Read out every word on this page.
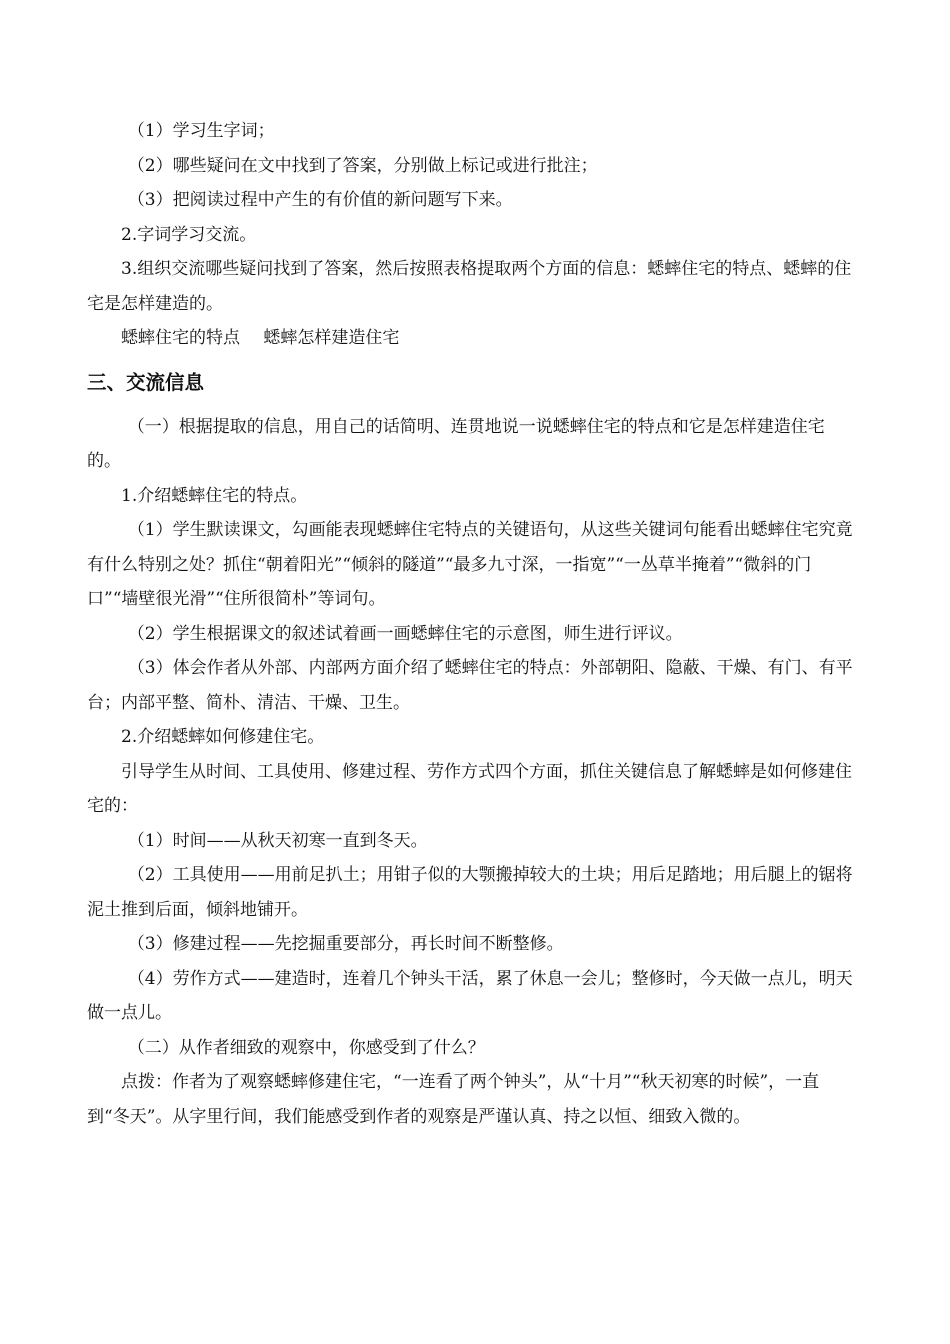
（1）学习生字词；

（2）哪些疑问在文中找到了答案，分别做上标记或进行批注；

（3）把阅读过程中产生的有价值的新问题写下来。

2.字词学习交流。

3.组织交流哪些疑问找到了答案，然后按照表格提取两个方面的信息：蟋蟀住宅的特点、蟋蟀的住宅是怎样建造的。

蟋蟀住宅的特点 蟋蟀怎样建造住宅
三、交流信息

（一）根据提取的信息，用自己的话简明、连贯地说一说蟋蟀住宅的特点和它是怎样建造住宅的。

1.介绍蟋蟀住宅的特点。

（1）学生默读课文，勾画能表现蟋蟀住宅特点的关键语句，从这些关键词句能看出蟋蟀住宅究竟有什么特别之处？抓住“朝着阳光”“倾斜的隧道”“最多九寸深，一指宽”“一丛草半掩着”“微斜的门口”“墙壁很光滑”“住所很简朴”等词句。

（2）学生根据课文的叙述试着画一画蟋蟀住宅的示意图，师生进行评议。

（3）体会作者从外部、内部两方面介绍了蟋蟀住宅的特点：外部朝阳、隐蔽、干燥、有门、有平台；内部平整、简朴、清洁、干燥、卫生。

2.介绍蟋蟀如何修建住宅。

引导学生从时间、工具使用、修建过程、劳作方式四个方面，抓住关键信息了解蟋蟀是如何修建住宅的：

（1）时间——从秋天初寒一直到冬天。

（2）工具使用——用前足扒土；用钳子似的大颚搬掉较大的土块；用后足踏地；用后腿上的锯将泥土推到后面，倾斜地铺开。

（3）修建过程——先挖掘重要部分，再长时间不断整修。

（4）劳作方式——建造时，连着几个钟头干活，累了休息一会儿；整修时，今天做一点儿，明天做一点儿。

（二）从作者细致的观察中，你感受到了什么？

点拨：作者为了观察蟋蟀修建住宅，“一连看了两个钟头”，从“十月”“秋天初寒的时候”，一直到“冬天”。从字里行间，我们能感受到作者的观察是严谨认真、持之以恒、细致入微的。
